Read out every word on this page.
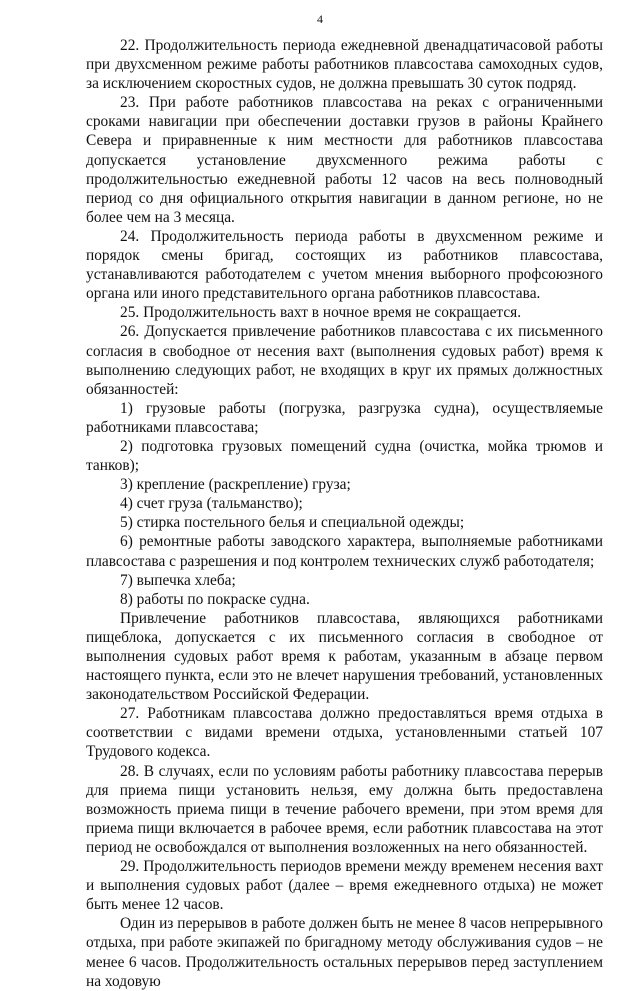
4

22. Продолжительность периода ежедневной двенадцатичасовой работы при двухсменном режиме работы работников плавсостава самоходных судов, за исключением скоростных судов, не должна превышать 30 суток подряд.

23. При работе работников плавсостава на реках с ограниченными сроками навигации при обеспечении доставки грузов в районы Крайнего Севера и приравненные к ним местности для работников плавсостава допускается установление двухсменного режима работы с продолжительностью ежедневной работы 12 часов на весь полноводный период со дня официального открытия навигации в данном регионе, но не более чем на 3 месяца.

24. Продолжительность периода работы в двухсменном режиме и порядок смены бригад, состоящих из работников плавсостава, устанавливаются работодателем с учетом мнения выборного профсоюзного органа или иного представительного органа работников плавсостава.

25. Продолжительность вахт в ночное время не сокращается.

26. Допускается привлечение работников плавсостава с их письменного согласия в свободное от несения вахт (выполнения судовых работ) время к выполнению следующих работ, не входящих в круг их прямых должностных обязанностей:

1) грузовые работы (погрузка, разгрузка судна), осуществляемые работниками плавсостава;

2) подготовка грузовых помещений судна (очистка, мойка трюмов и танков);

3) крепление (раскрепление) груза;

4) счет груза (тальманство);

5) стирка постельного белья и специальной одежды;

6) ремонтные работы заводского характера, выполняемые работниками плавсостава с разрешения и под контролем технических служб работодателя;

7) выпечка хлеба;

8) работы по покраске судна.

Привлечение работников плавсостава, являющихся работниками пищеблока, допускается с их письменного согласия в свободное от выполнения судовых работ время к работам, указанным в абзаце первом настоящего пункта, если это не влечет нарушения требований, установленных законодательством Российской Федерации.

27. Работникам плавсостава должно предоставляться время отдыха в соответствии с видами времени отдыха, установленными статьей 107 Трудового кодекса.

28. В случаях, если по условиям работы работнику плавсостава перерыв для приема пищи установить нельзя, ему должна быть предоставлена возможность приема пищи в течение рабочего времени, при этом время для приема пищи включается в рабочее время, если работник плавсостава на этот период не освобождался от выполнения возложенных на него обязанностей.

29. Продолжительность периодов времени между временем несения вахт и выполнения судовых работ (далее – время ежедневного отдыха) не может быть менее 12 часов.

Один из перерывов в работе должен быть не менее 8 часов непрерывного отдыха, при работе экипажей по бригадному методу обслуживания судов – не менее 6 часов. Продолжительность остальных перерывов перед заступлением на ходовую
